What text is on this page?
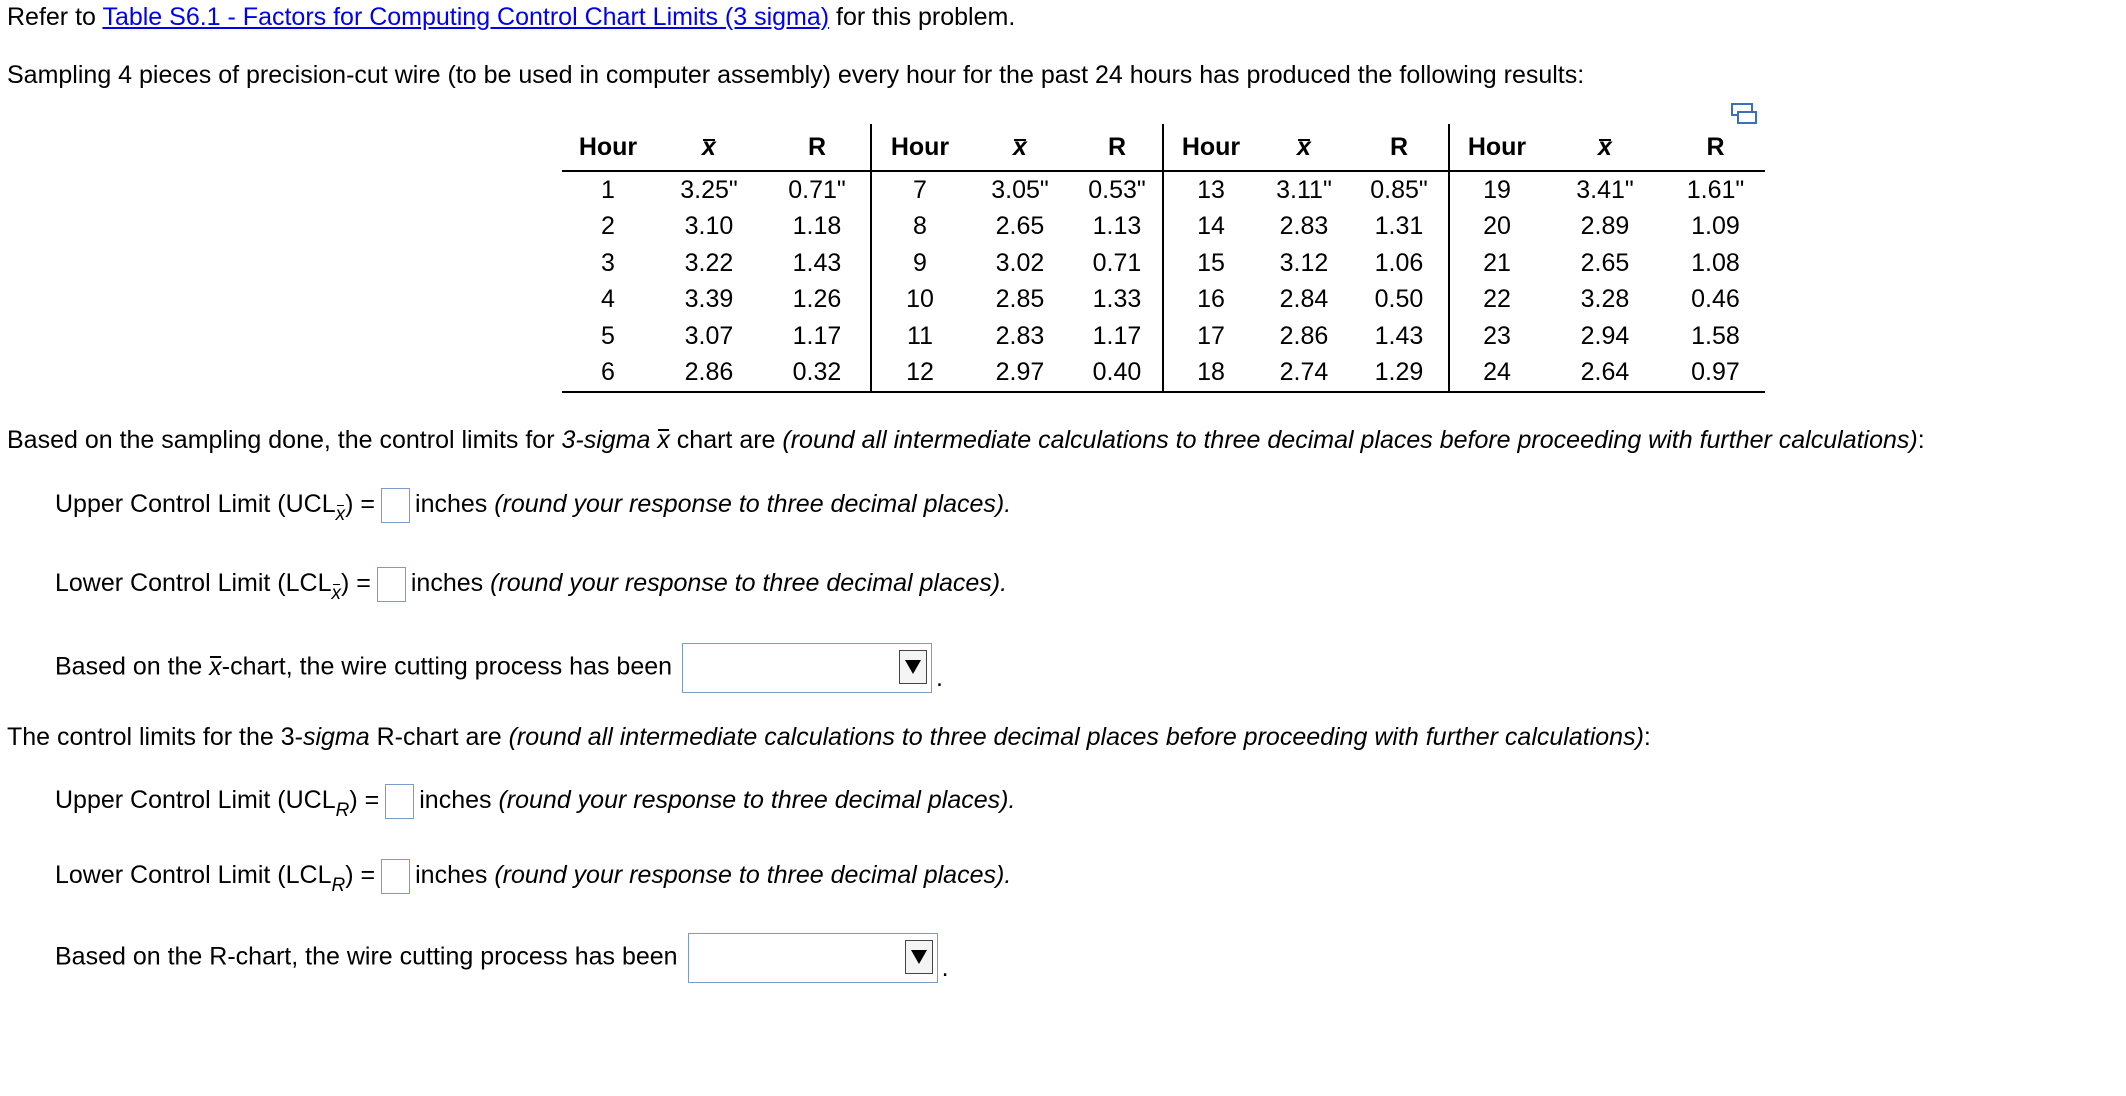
Refer to Table S6.1 - Factors for Computing Control Chart Limits (3 sigma) for this problem.
Sampling 4 pieces of precision-cut wire (to be used in computer assembly) every hour for the past 24 hours has produced the following results:
Hour	x	R	Hour	x	R	Hour	x	R	Hour	x	R
1	3.25"	0.71"	7	3.05"	0.53"	13	3.11"	0.85"	19	3.41"	1.61"
2	3.10	1.18	8	2.65	1.13	14	2.83	1.31	20	2.89	1.09
3	3.22	1.43	9	3.02	0.71	15	3.12	1.06	21	2.65	1.08
4	3.39	1.26	10	2.85	1.33	16	2.84	0.50	22	3.28	0.46
5	3.07	1.17	11	2.83	1.17	17	2.86	1.43	23	2.94	1.58
6	2.86	0.32	12	2.97	0.40	18	2.74	1.29	24	2.64	0.97
Based on the sampling done, the control limits for 3-sigma x chart are (round all intermediate calculations to three decimal places before proceeding with further calculations):
Upper Control Limit $(UCL_x)$ = inches (round your response to three decimal places).
Lower Control Limit $(LCL_x)$ = inches (round your response to three decimal places).
Based on the x-chart, the wire cutting process has been	.
The control limits for the 3-sigma R-chart are (round all intermediate calculations to three decimal places before proceeding with further calculations):
Upper Control Limit $(UCL_R)$ = inches (round your response to three decimal places).
Lower Control Limit $(LCL_R)$ = inches (round your response to three decimal places).
Based on the R-chart, the wire cutting process has been	.
